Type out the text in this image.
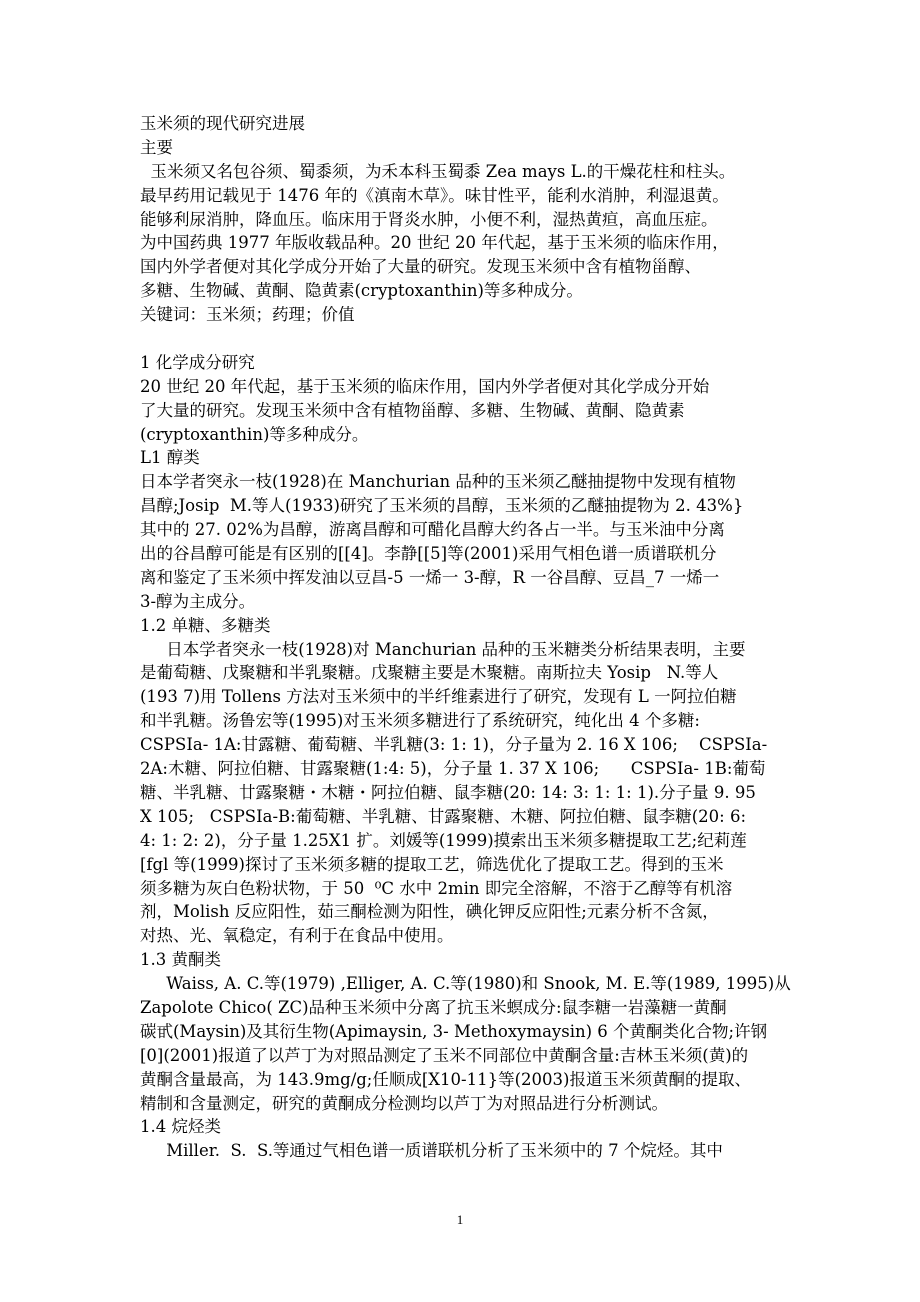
玉米须的现代研究进展
主要
玉米须又名包谷须、蜀黍须，为禾本科玉蜀黍 Zea mays L.的干燥花柱和柱头。
最早药用记载见于 1476 年的《滇南木草》。味甘性平，能利水消肿，利湿退黄。
能够利尿消肿，降血压。临床用于肾炎水肿，小便不利，湿热黄疸，高血压症。
为中国药典 1977 年版收载品种。20 世纪 20 年代起，基于玉米须的临床作用，
国内外学者便对其化学成分开始了大量的研究。发现玉米须中含有植物甾醇、
多糖、生物碱、黄酮、隐黄素(cryptoxanthin)等多种成分。
关键词：玉米须；药理；价值
1 化学成分研究
20 世纪 20 年代起，基于玉米须的临床作用，国内外学者便对其化学成分开始
了大量的研究。发现玉米须中含有植物甾醇、多糖、生物碱、黄酮、隐黄素
(cryptoxanthin)等多种成分。
L1 醇类
日本学者突永一枝(1928)在 Manchurian 品种的玉米须乙醚抽提物中发现有植物
昌醇;Josip  M.等人(1933)研究了玉米须的昌醇，玉米须的乙醚抽提物为 2. 43%}
其中的 27. 02%为昌醇，游离昌醇和可醋化昌醇大约各占一半。与玉米油中分离
出的谷昌醇可能是有区别的[[4]。李静[[5]等(2001)采用气相色谱一质谱联机分
离和鉴定了玉米须中挥发油以豆昌-5 一烯一 3-醇，R 一谷昌醇、豆昌_7 一烯一
3-醇为主成分。
1.2 单糖、多糖类
日本学者突永一枝(1928)对 Manchurian 品种的玉米糖类分析结果表明，主要
是葡萄糖、戊聚糖和半乳聚糖。戊聚糖主要是木聚糖。南斯拉夫 Yosip   N.等人
(193 7)用 Tollens 方法对玉米须中的半纤维素进行了研究，发现有 L 一阿拉伯糖
和半乳糖。汤鲁宏等(1995)对玉米须多糖进行了系统研究，纯化出 4 个多糖:
CSPSIa- 1A:甘露糖、葡萄糖、半乳糖(3: 1: 1)，分子量为 2. 16 X 106;    CSPSIa-
2A:木糖、阿拉伯糖、甘露聚糖(1:4: 5)，分子量 1. 37 X 106;      CSPSIa- 1B:葡萄
糖、半乳糖、廿露聚糖・木糖・阿拉伯糖、鼠李糖(20: 14: 3: 1: 1: 1).分子量 9. 95
X 105;   CSPSIa-B:葡萄糖、半乳糖、甘露聚糖、木糖、阿拉伯糖、鼠李糖(20: 6:
4: 1: 2: 2)，分子量 1.25X1 扩。刘媛等(1999)摸索出玉米须多糖提取工艺;纪莉莲
[fgl 等(1999)探讨了玉米须多糖的提取工艺，筛选优化了提取工艺。得到的玉米
须多糖为灰白色粉状物，于 50  ⁰C 水中 2min 即完全溶解，不溶于乙醇等有机溶
剂，Molish 反应阳性，茹三酮检测为阳性，碘化钾反应阳性;元素分析不含氮，
对热、光、氧稳定，有利于在食品中使用。
1.3 黄酮类
Waiss, A. C.等(1979) ,Elliger, A. C.等(1980)和 Snook, M. E.等(1989, 1995)从
Zapolote Chico( ZC)品种玉米须中分离了抗玉米螟成分:鼠李糖一岩藻糖一黄酮
碳甙(Maysin)及其衍生物(Apimaysin, 3- Methoxymaysin) 6 个黄酮类化合物;许钢
[0](2001)报道了以芦丁为对照品测定了玉米不同部位中黄酮含量:吉林玉米须(黄)的
黄酮含量最高，为 143.9mg/g;任顺成[X10-11}等(2003)报道玉米须黄酮的提取、
精制和含量测定，研究的黄酮成分检测均以芦丁为对照品进行分析测试。
1.4 烷烃类
Miller.  S.  S.等通过气相色谱一质谱联机分析了玉米须中的 7 个烷烃。其中
1
